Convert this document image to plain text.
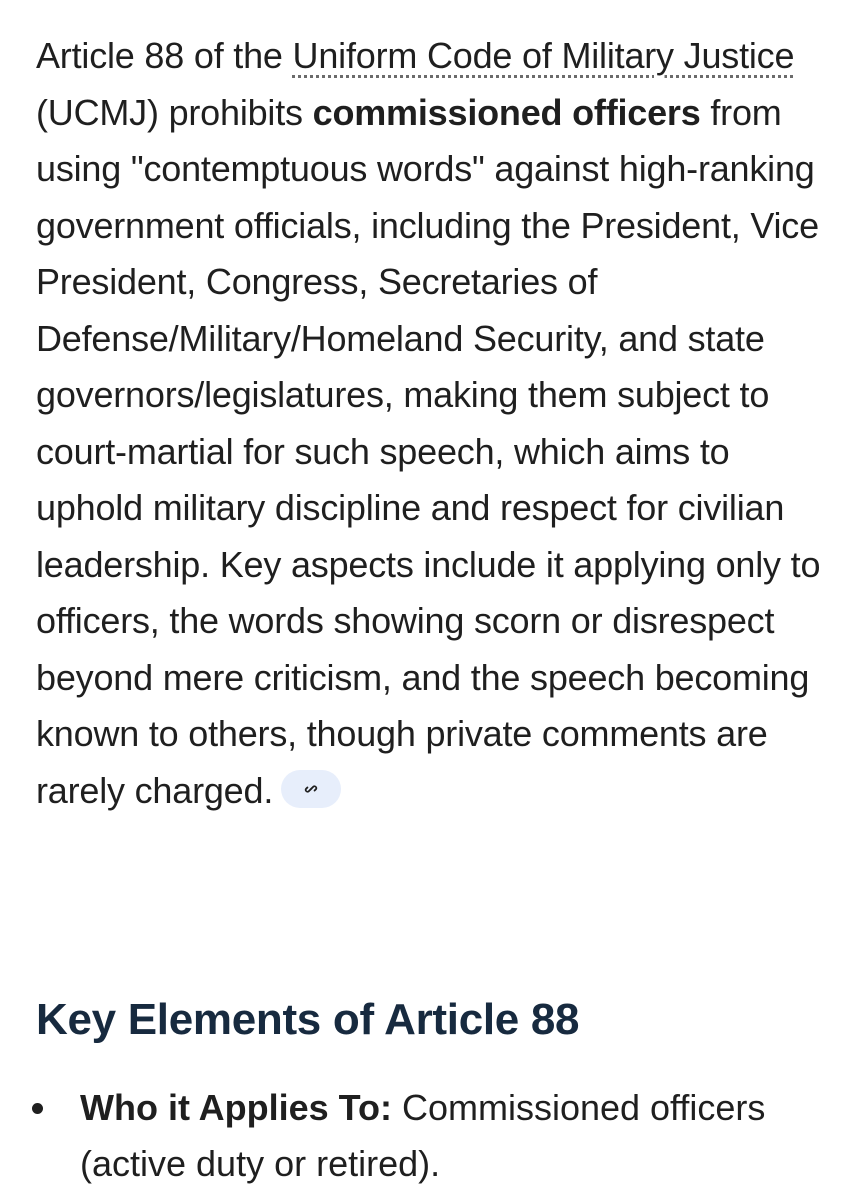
Article 88 of the Uniform Code of Military Justice (UCMJ) prohibits commissioned officers from using "contemptuous words" against high-ranking government officials, including the President, Vice President, Congress, Secretaries of Defense/Military/Homeland Security, and state governors/legislatures, making them subject to court-martial for such speech, which aims to uphold military discipline and respect for civilian leadership. Key aspects include it applying only to officers, the words showing scorn or disrespect beyond mere criticism, and the speech becoming known to others, though private comments are rarely charged.

Key Elements of Article 88
Who it Applies To: Commissioned officers (active duty or retired).
